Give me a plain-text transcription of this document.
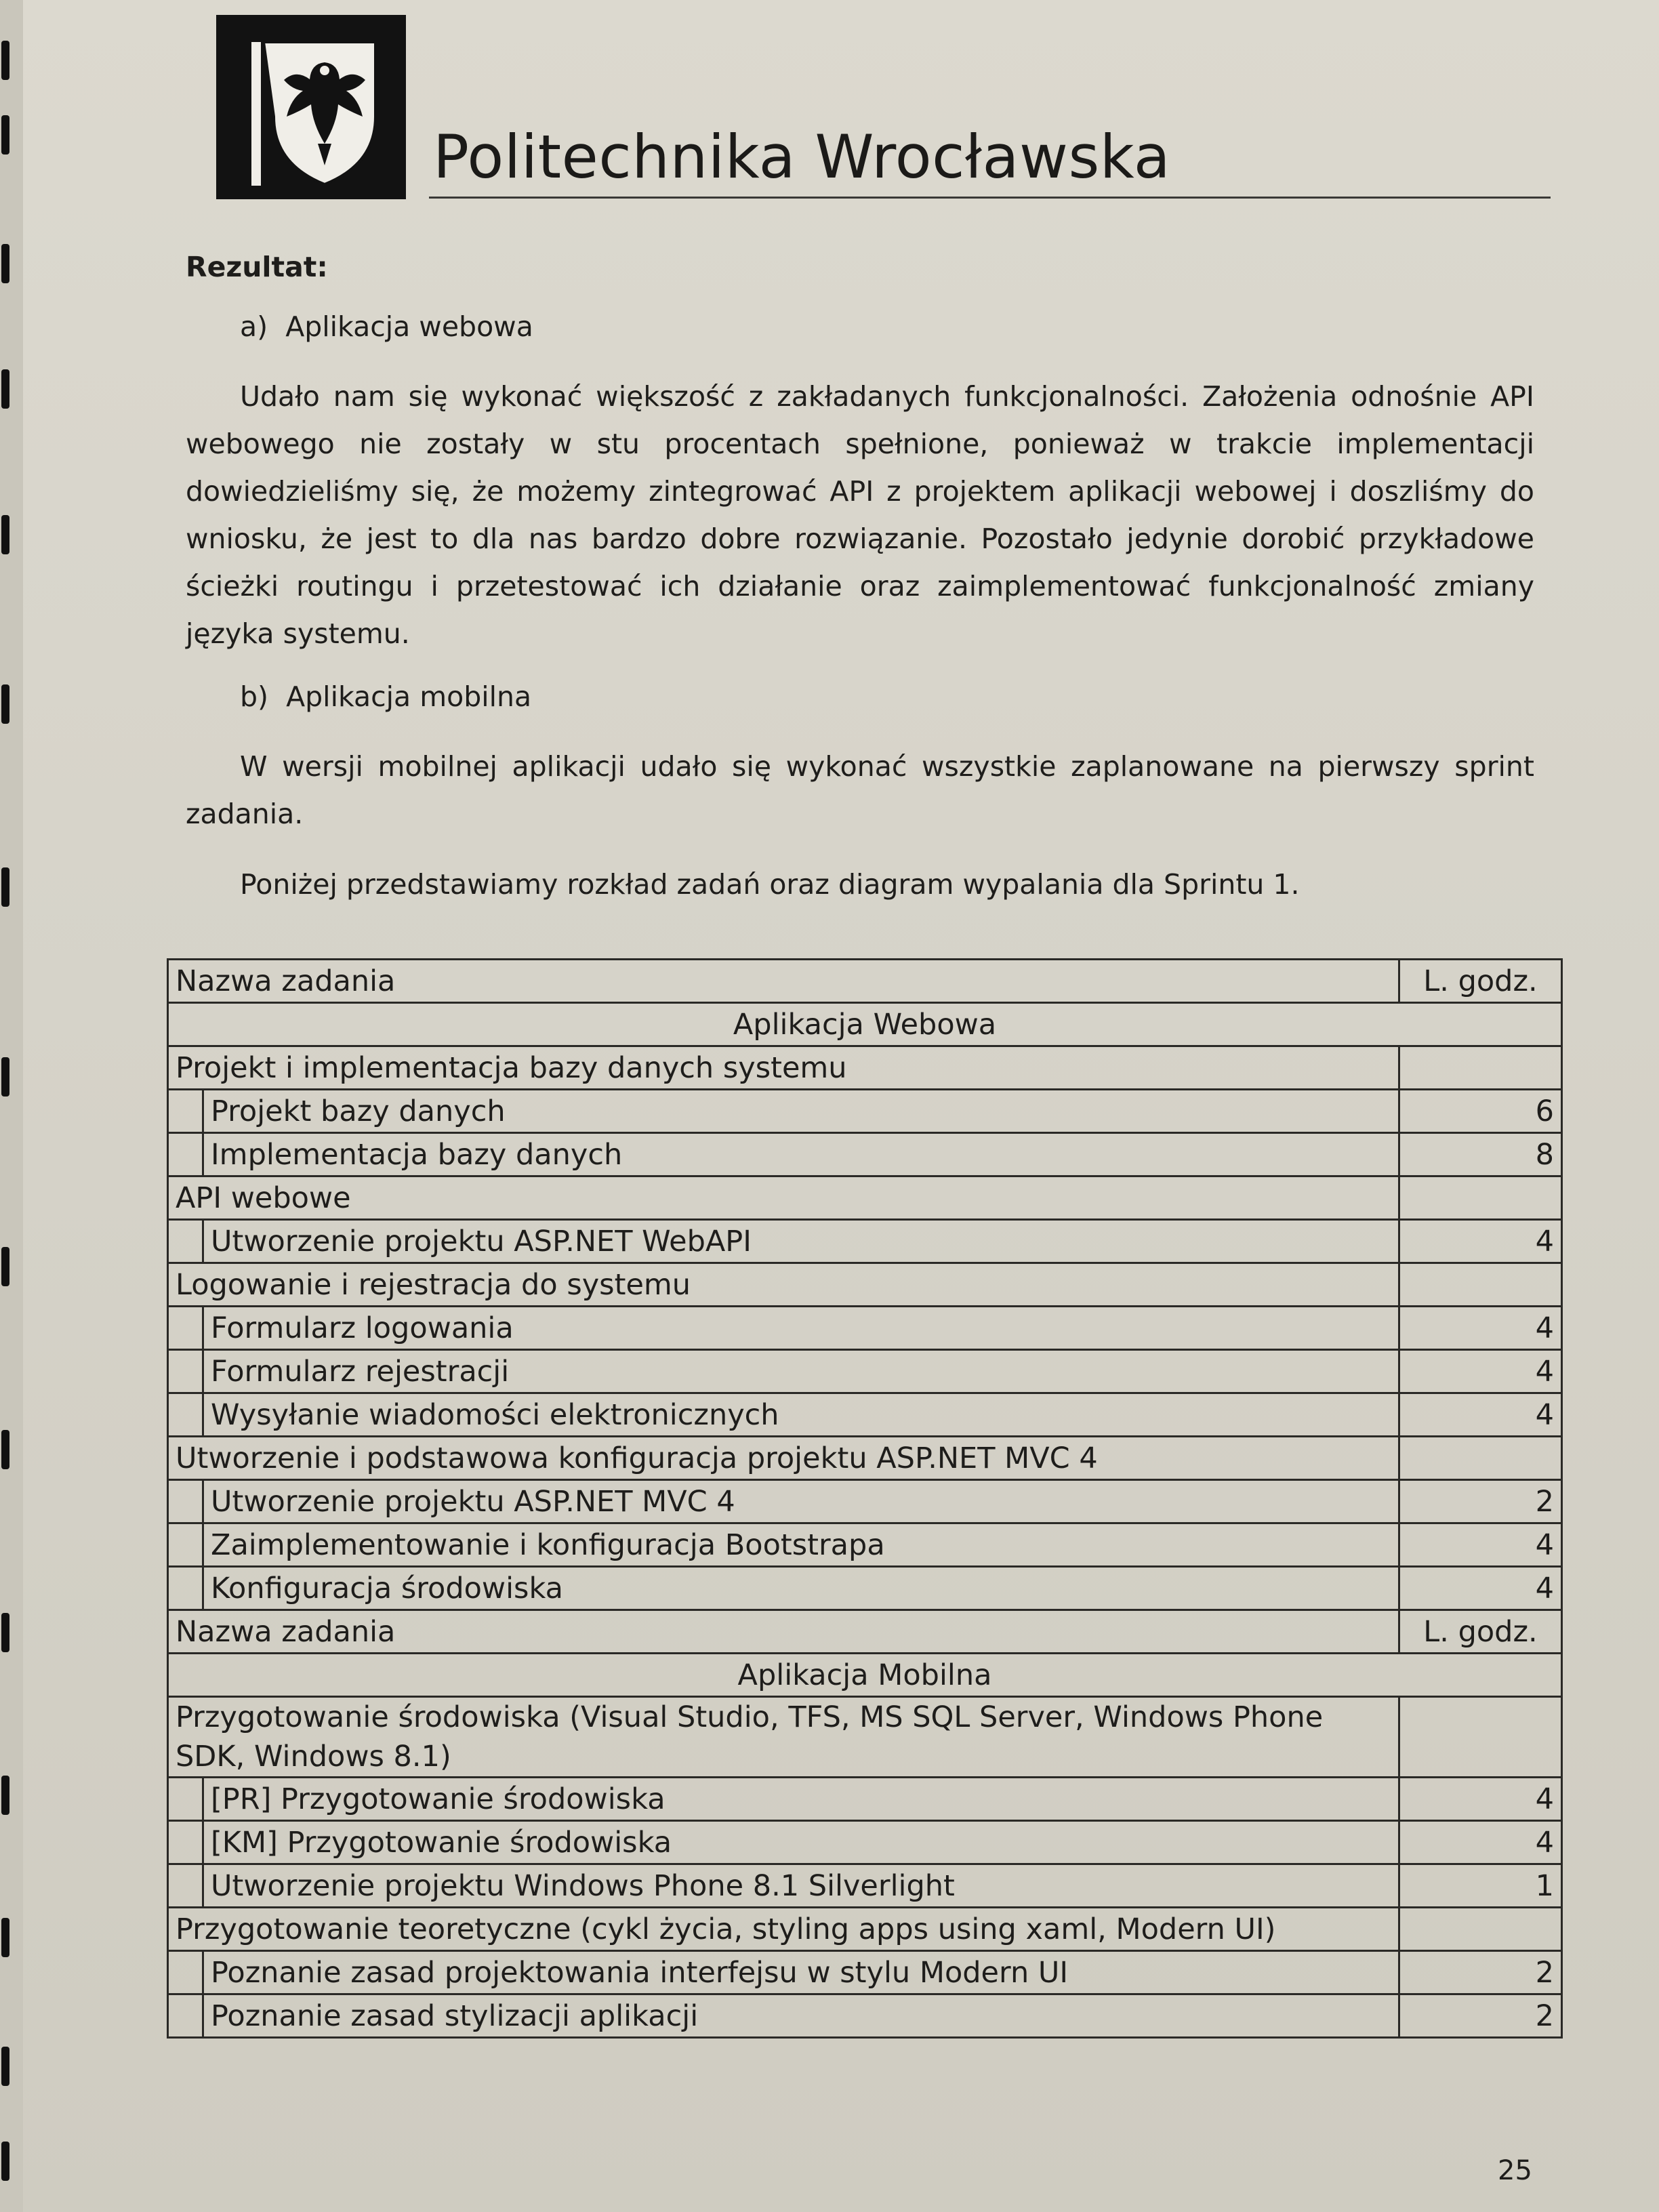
Politechnika Wrocławska

Rezultat:

a) Aplikacja webowa

Udało nam się wykonać większość z zakładanych funkcjonalności. Założenia odnośnie API webowego nie zostały w stu procentach spełnione, ponieważ w trakcie implementacji dowiedzieliśmy się, że możemy zintegrować API z projektem aplikacji webowej i doszliśmy do wniosku, że jest to dla nas bardzo dobre rozwiązanie. Pozostało jedynie dorobić przykładowe ścieżki routingu i przetestować ich działanie oraz zaimplementować funkcjonalność zmiany języka systemu.

b) Aplikacja mobilna

W wersji mobilnej aplikacji udało się wykonać wszystkie zaplanowane na pierwszy sprint zadania.

Poniżej przedstawiamy rozkład zadań oraz diagram wypalania dla Sprintu 1.

Nazwa zadania		L. godz.
Aplikacja Webowa		
Projekt i implementacja bazy danych systemu		
	Projekt bazy danych	6
	Implementacja bazy danych	8
API webowe		
	Utworzenie projektu ASP.NET WebAPI	4
Logowanie i rejestracja do systemu		
	Formularz logowania	4
	Formularz rejestracji	4
	Wysyłanie wiadomości elektronicznych	4
Utworzenie i podstawowa konfiguracja projektu ASP.NET MVC 4		
	Utworzenie projektu ASP.NET MVC 4	2
	Zaimplementowanie i konfiguracja Bootstrapa	4
	Konfiguracja środowiska	4
Nazwa zadania		L. godz.
Aplikacja Mobilna		
Przygotowanie środowiska (Visual Studio, TFS, MS SQL Server, Windows Phone SDK, Windows 8.1)		
	[PR] Przygotowanie środowiska	4
	[KM] Przygotowanie środowiska	4
	Utworzenie projektu Windows Phone 8.1 Silverlight	1
Przygotowanie teoretyczne (cykl życia, styling apps using xaml, Modern UI)		
	Poznanie zasad projektowania interfejsu w stylu Modern UI	2
	Poznanie zasad stylizacji aplikacji	2
25
